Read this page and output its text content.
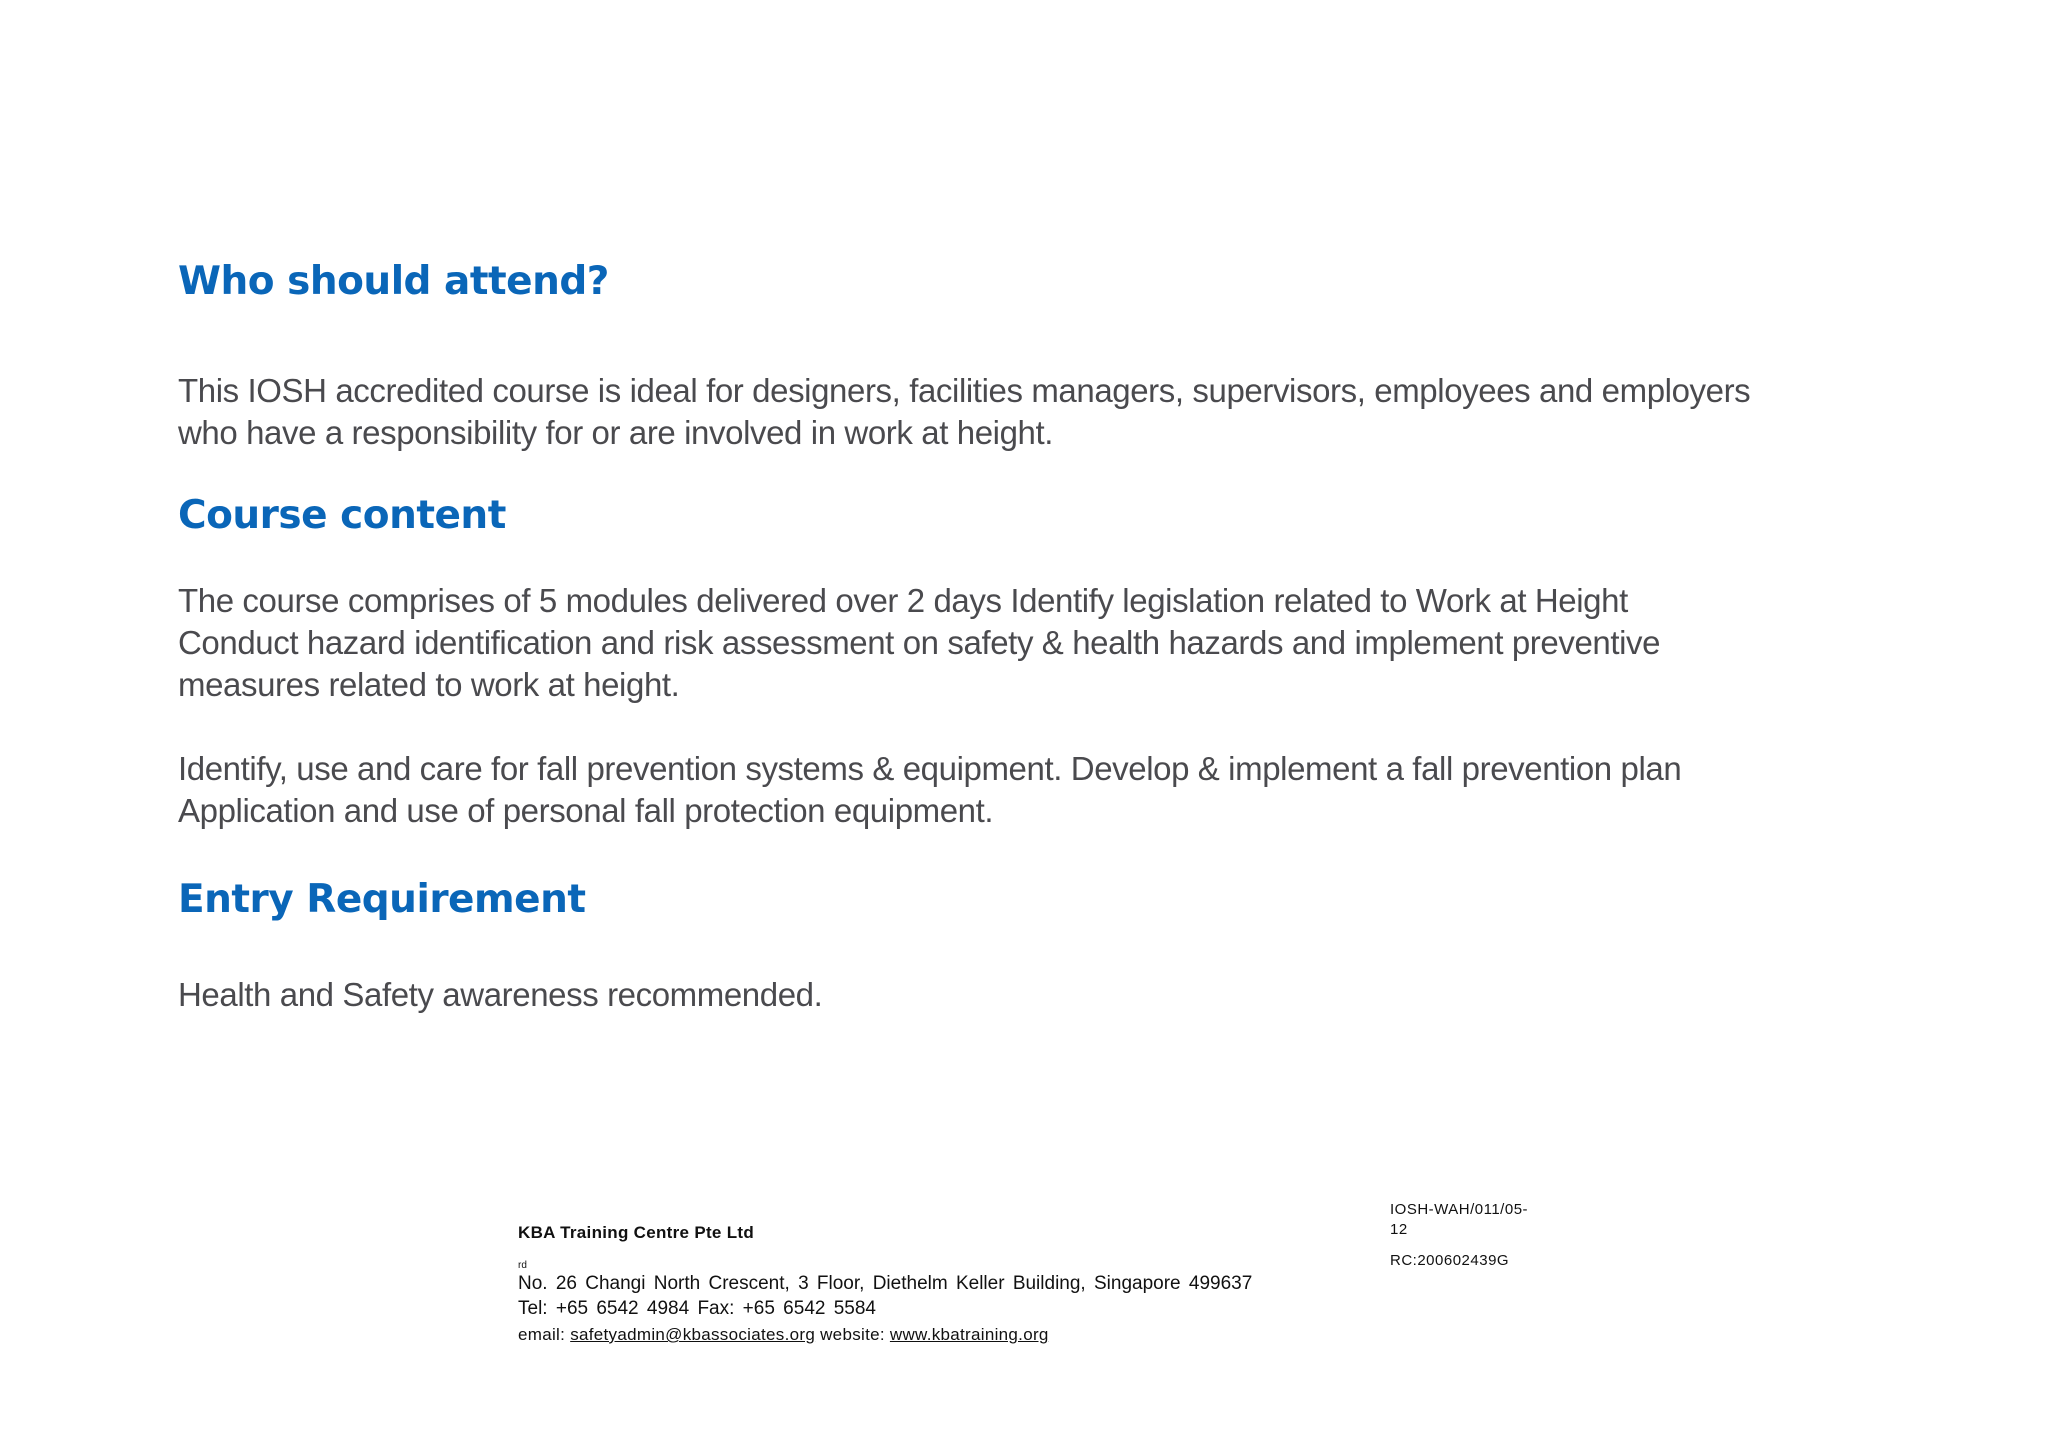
Who should attend?

This IOSH accredited course is ideal for designers, facilities managers, supervisors, employees and employers
who have a responsibility for or are involved in work at height.

Course content

The course comprises of 5 modules delivered over 2 days Identify legislation related to Work at Height
Conduct hazard identification and risk assessment on safety & health hazards and implement preventive
measures related to work at height.

Identify, use and care for fall prevention systems & equipment. Develop & implement a fall prevention plan
Application and use of personal fall protection equipment.

Entry Requirement

Health and Safety awareness recommended.

KBA Training Centre Pte Ltd

rd

No. 26 Changi North Crescent, 3 Floor, Diethelm Keller Building, Singapore 499637

Tel: +65 6542 4984 Fax: +65 6542 5584

email: safetyadmin@kbassociates.org website: www.kbatraining.org

IOSH-WAH/011/05-
12

RC:200602439G
